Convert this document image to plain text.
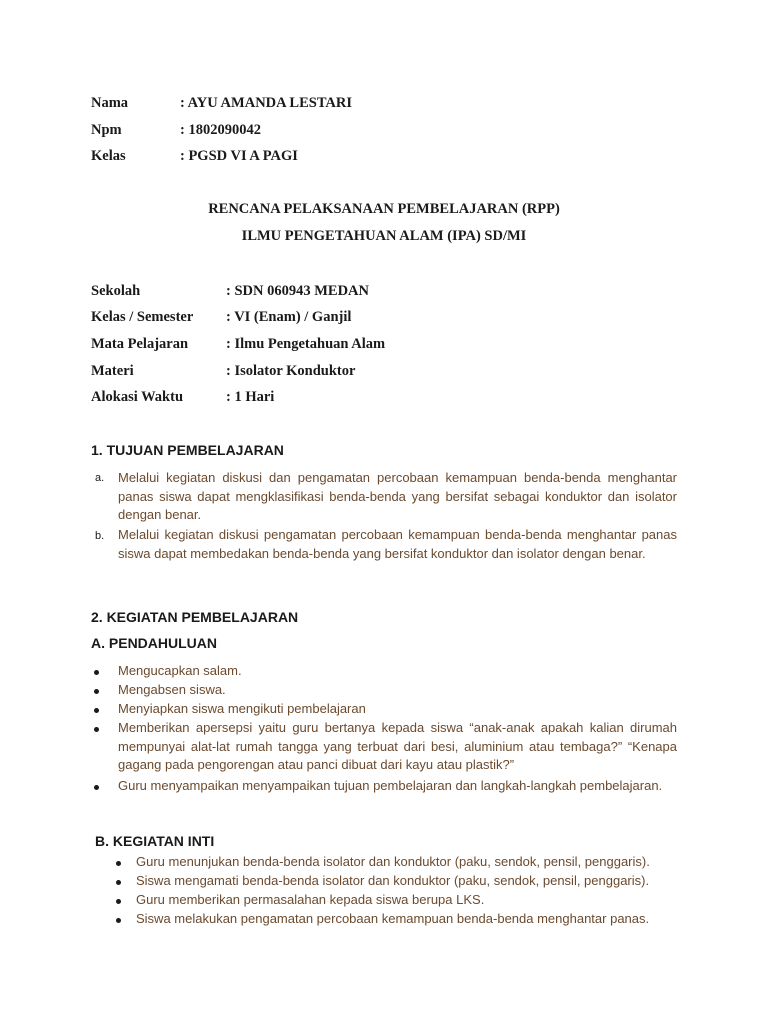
Nama	: AYU AMANDA LESTARI
Npm	: 1802090042
Kelas	: PGSD VI A PAGI
RENCANA PELAKSANAAN PEMBELAJARAN (RPP)
ILMU PENGETAHUAN ALAM (IPA) SD/MI
Sekolah	: SDN 060943 MEDAN
Kelas / Semester : VI (Enam) / Ganjil
Mata Pelajaran	: Ilmu Pengetahuan Alam
Materi	: Isolator Konduktor
Alokasi Waktu	: 1 Hari
1. TUJUAN PEMBELAJARAN
a. Melalui kegiatan diskusi dan pengamatan percobaan kemampuan benda-benda menghantar panas siswa dapat mengklasifikasi benda-benda yang bersifat sebagai konduktor dan isolator dengan benar.
b. Melalui kegiatan diskusi pengamatan percobaan kemampuan benda-benda menghantar panas siswa dapat membedakan benda-benda yang bersifat konduktor dan isolator dengan benar.
2. KEGIATAN PEMBELAJARAN
A. PENDAHULUAN
Mengucapkan salam.
Mengabsen siswa.
Menyiapkan siswa mengikuti pembelajaran
Memberikan apersepsi yaitu guru bertanya kepada siswa “anak-anak apakah kalian dirumah mempunyai alat-lat rumah tangga yang terbuat dari besi, aluminium atau tembaga?” “Kenapa gagang pada pengorengan atau panci dibuat dari kayu atau plastik?”
Guru menyampaikan menyampaikan tujuan pembelajaran dan langkah-langkah pembelajaran.
B. KEGIATAN INTI
Guru menunjukan benda-benda isolator dan konduktor (paku, sendok, pensil, penggaris).
Siswa mengamati benda-benda isolator dan konduktor (paku, sendok, pensil, penggaris).
Guru memberikan permasalahan kepada siswa berupa LKS.
Siswa melakukan pengamatan percobaan kemampuan benda-benda menghantar panas.
